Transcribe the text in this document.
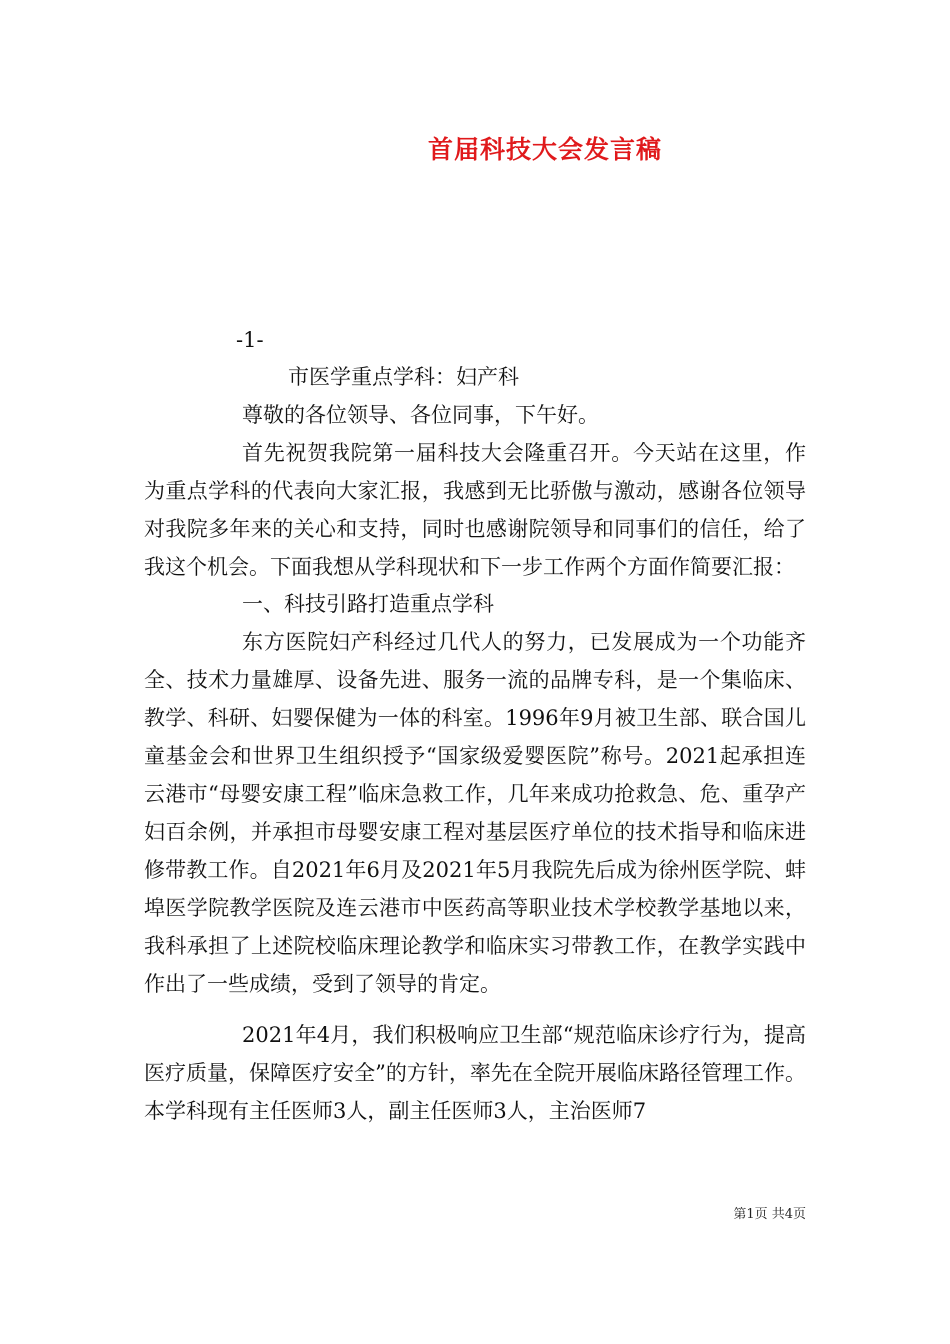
首届科技大会发言稿
-1-

市医学重点学科：妇产科

尊敬的各位领导、各位同事，下午好。

首先祝贺我院第一届科技大会隆重召开。今天站在这里，作为重点学科的代表向大家汇报，我感到无比骄傲与激动，感谢各位领导对我院多年来的关心和支持，同时也感谢院领导和同事们的信任，给了我这个机会。下面我想从学科现状和下一步工作两个方面作简要汇报：

一、科技引路打造重点学科

东方医院妇产科经过几代人的努力，已发展成为一个功能齐全、技术力量雄厚、设备先进、服务一流的品牌专科，是一个集临床、教学、科研、妇婴保健为一体的科室。1996年9月被卫生部、联合国儿童基金会和世界卫生组织授予“国家级爱婴医院”称号。2021起承担连云港市“母婴安康工程”临床急救工作，几年来成功抢救急、危、重孕产妇百余例，并承担市母婴安康工程对基层医疗单位的技术指导和临床进修带教工作。自2021年6月及2021年5月我院先后成为徐州医学院、蚌埠医学院教学医院及连云港市中医药高等职业技术学校教学基地以来，我科承担了上述院校临床理论教学和临床实习带教工作，在教学实践中作出了一些成绩，受到了领导的肯定。

2021年4月，我们积极响应卫生部“规范临床诊疗行为，提高医疗质量，保障医疗安全”的方针，率先在全院开展临床路径管理工作。本学科现有主任医师3人，副主任医师3人，主治医师7

第1页 共4页
